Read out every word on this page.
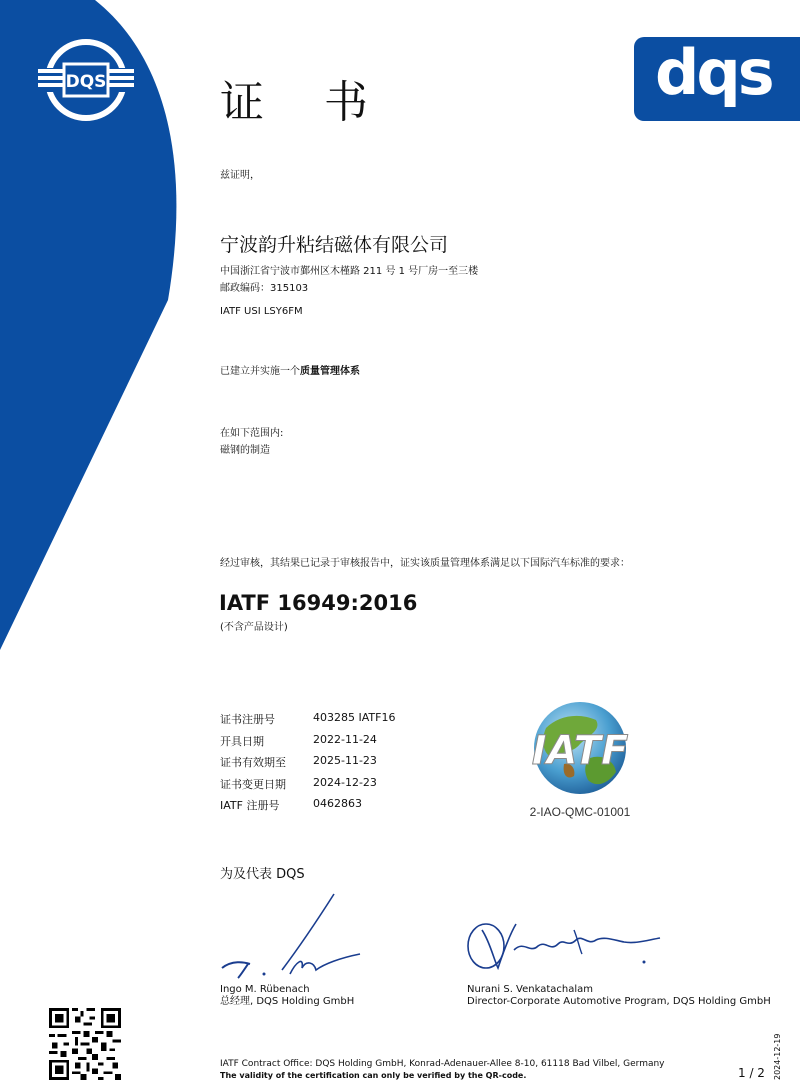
DQS	dqs
证 书
兹证明，
宁波韵升粘结磁体有限公司
中国浙江省宁波市鄞州区木槿路 211 号 1 号厂房一至三楼
邮政编码：315103
IATF USI LSY6FM
已建立并实施一个质量管理体系
在如下范围内:
磁钢的制造
经过审核，其结果已记录于审核报告中，证实该质量管理体系满足以下国际汽车标准的要求：
IATF 16949:2016
(不含产品设计)
证书注册号	403285 IATF16
开具日期	2022-11-24
证书有效期至 2025-11-23
证书变更日期 2024-12-23
IATF 注册号	0462863
IATF
2-IAO-QMC-01001
为及代表 DQS
Ingo M. Rübenach
总经理, DQS Holding GmbH
Nurani S. Venkatachalam
Director-Corporate Automotive Program, DQS Holding GmbH
IATF Contract Office: DQS Holding GmbH, Konrad-Adenauer-Allee 8-10, 61118 Bad Vilbel, Germany
The validity of the certification can only be verified by the QR-code.	1 / 2 2024-12-19
